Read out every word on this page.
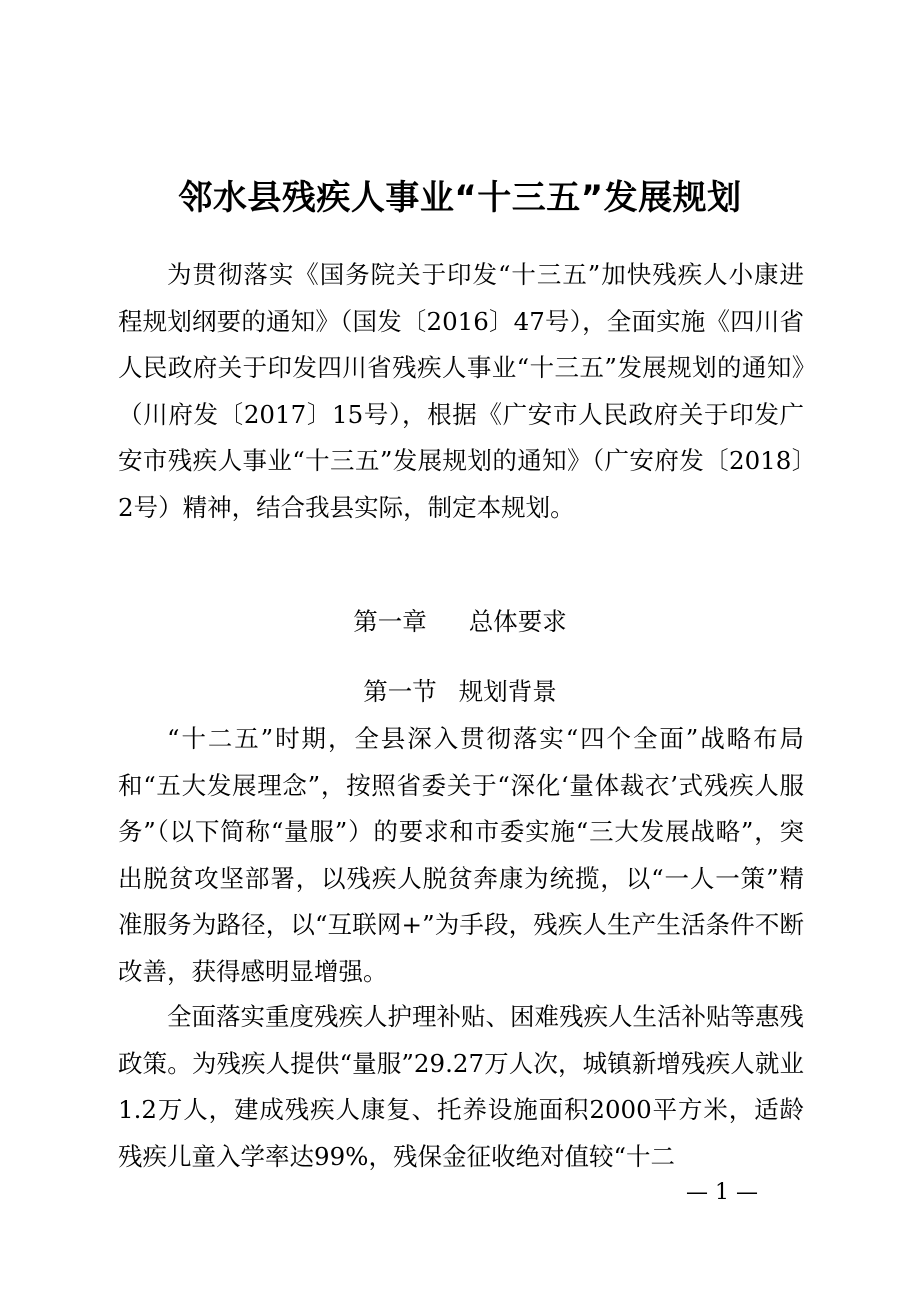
邻水县残疾人事业“十三五”发展规划

为贯彻落实《国务院关于印发“十三五”加快残疾人小康进程规划纲要的通知》（国发〔2016〕47号），全面实施《四川省人民政府关于印发四川省残疾人事业“十三五”发展规划的通知》（川府发〔2017〕15号），根据《广安市人民政府关于印发广安市残疾人事业“十三五”发展规划的通知》（广安府发〔2018〕2号）精神，结合我县实际，制定本规划。

第一章 总体要求
第一节 规划背景

“十二五”时期，全县深入贯彻落实“四个全面”战略布局和“五大发展理念”，按照省委关于“深化‘量体裁衣’式残疾人服务”（以下简称“量服”）的要求和市委实施“三大发展战略”，突出脱贫攻坚部署，以残疾人脱贫奔康为统揽，以“一人一策”精准服务为路径，以“互联网+”为手段，残疾人生产生活条件不断改善，获得感明显增强。

全面落实重度残疾人护理补贴、困难残疾人生活补贴等惠残政策。为残疾人提供“量服”29.27万人次，城镇新增残疾人就业1.2万人，建成残疾人康复、托养设施面积2000平方米，适龄残疾儿童入学率达99%，残保金征收绝对值较“十二

— 1 —
